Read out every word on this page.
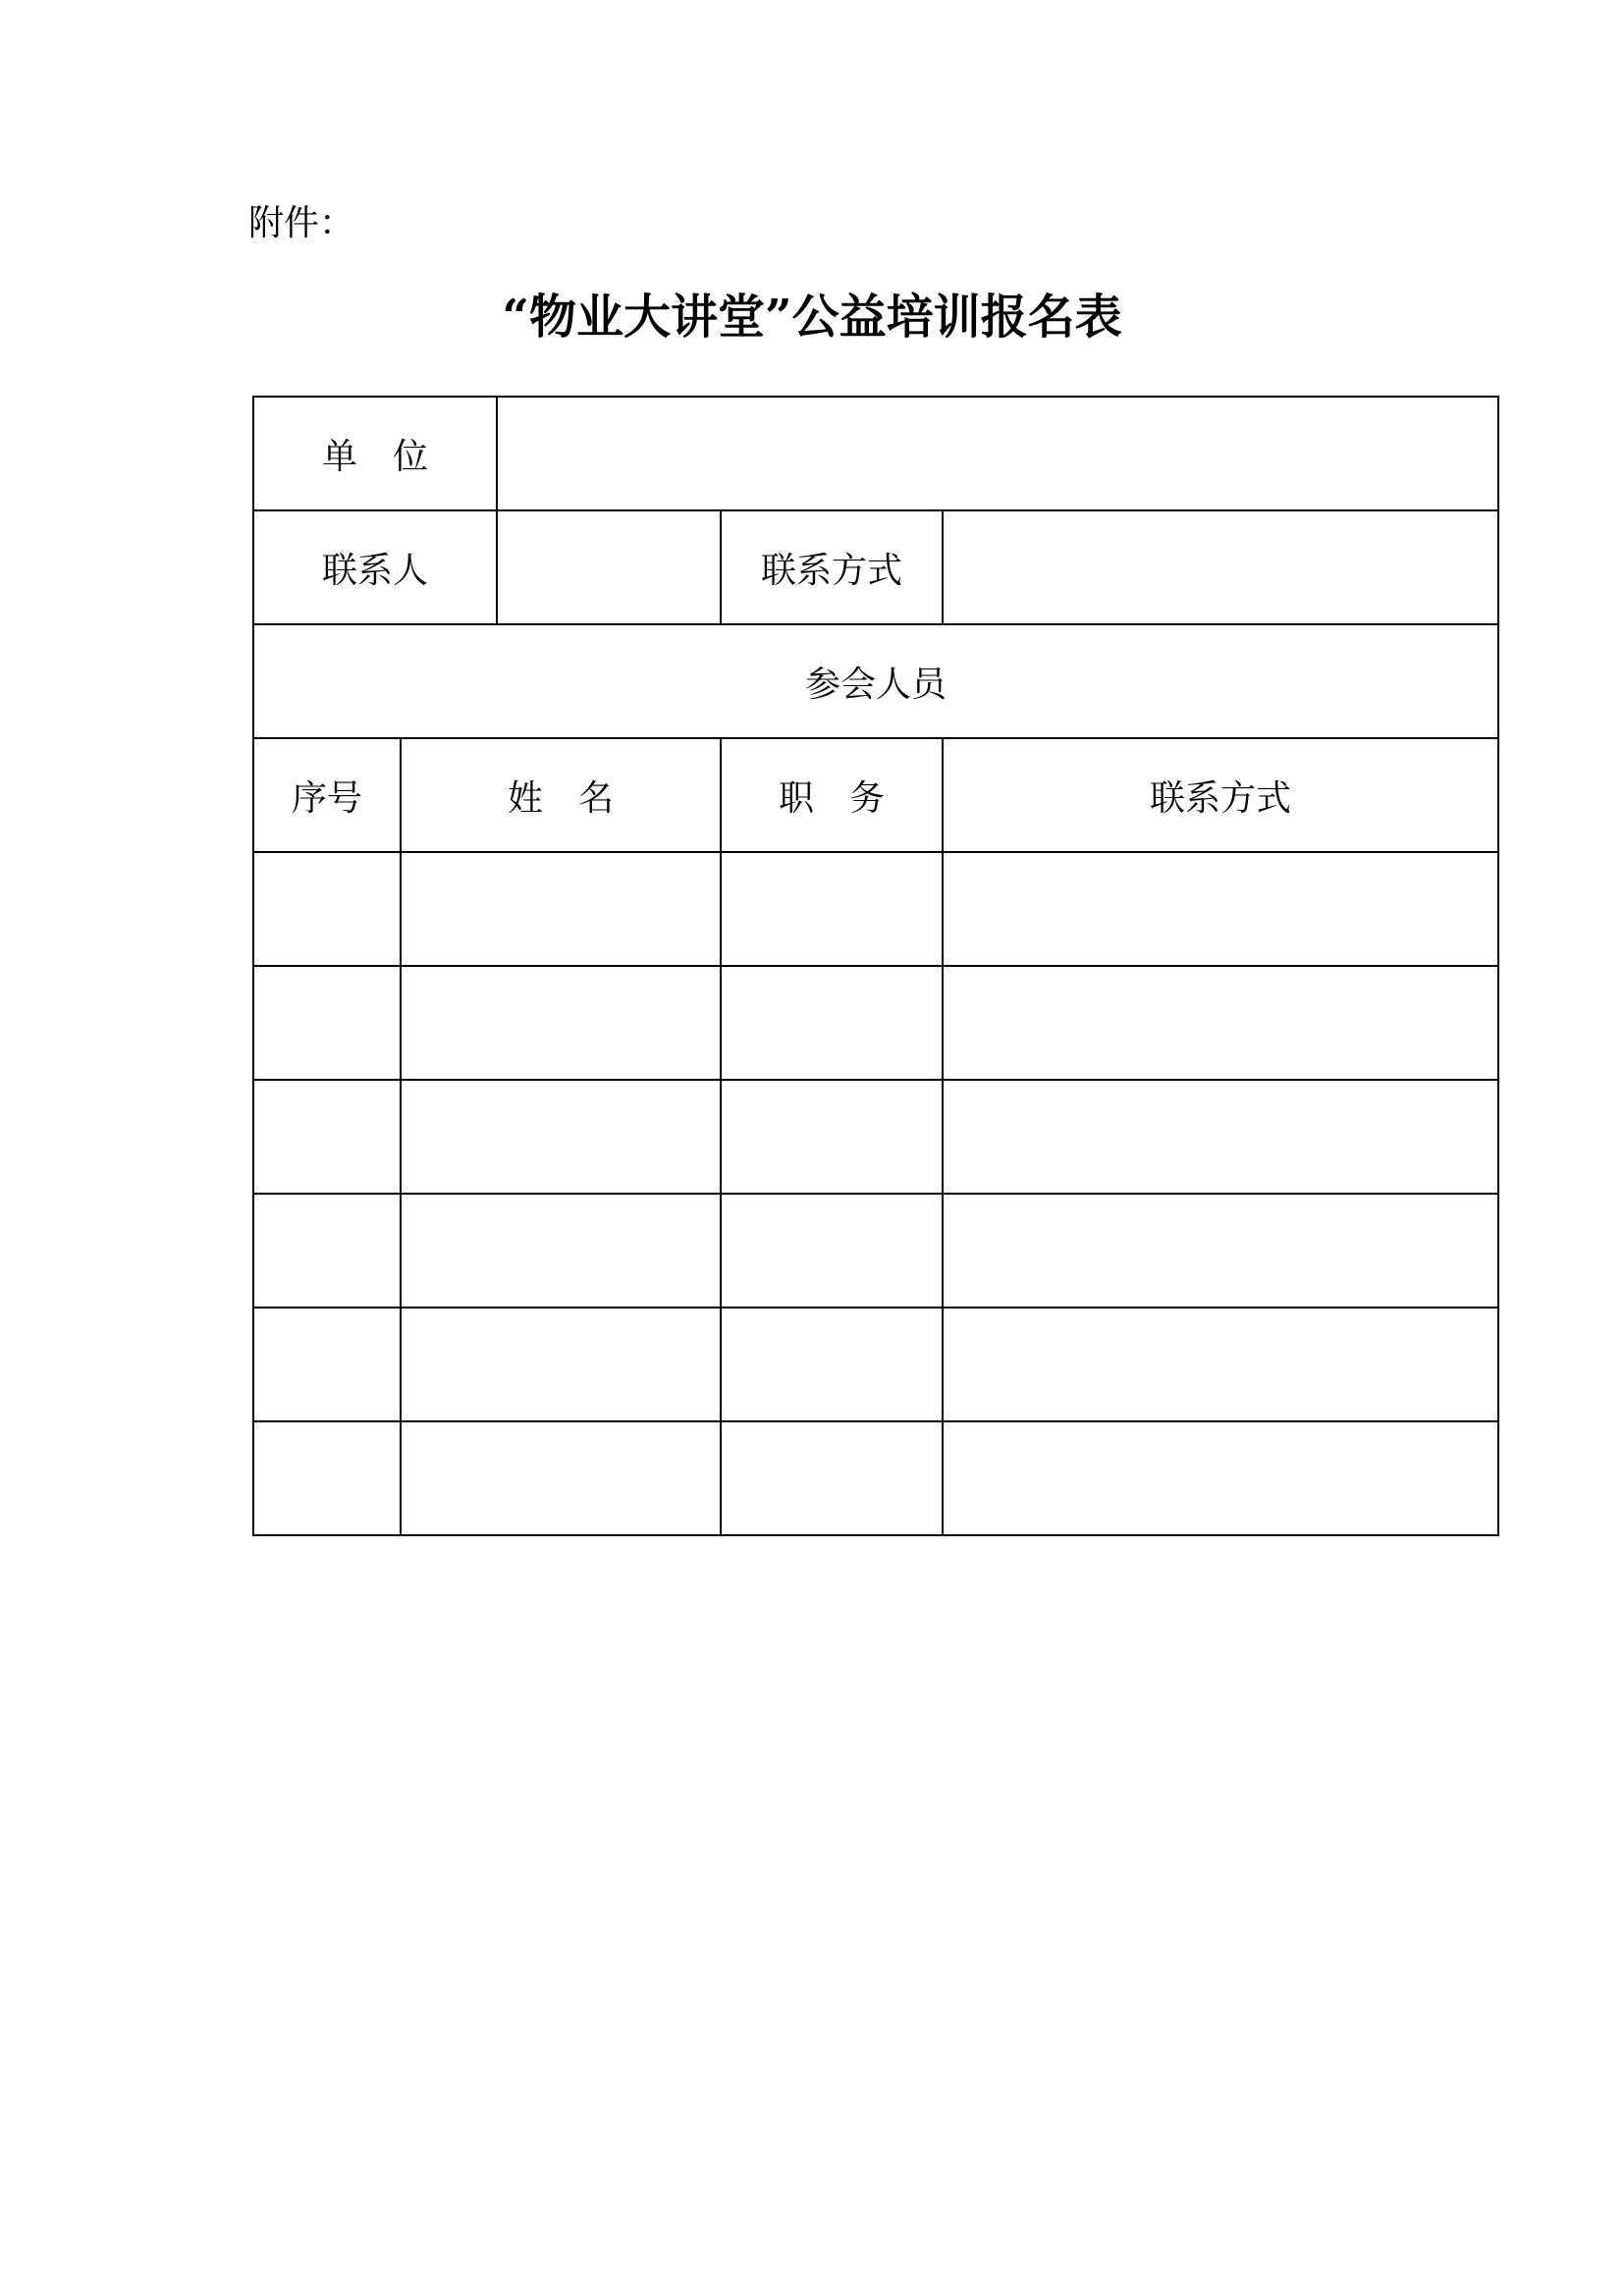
附件：
“物业大讲堂”公益培训报名表
单　位				
联系人			联系方式	
参会人员				
序号	姓　名		职　务	联系方式
